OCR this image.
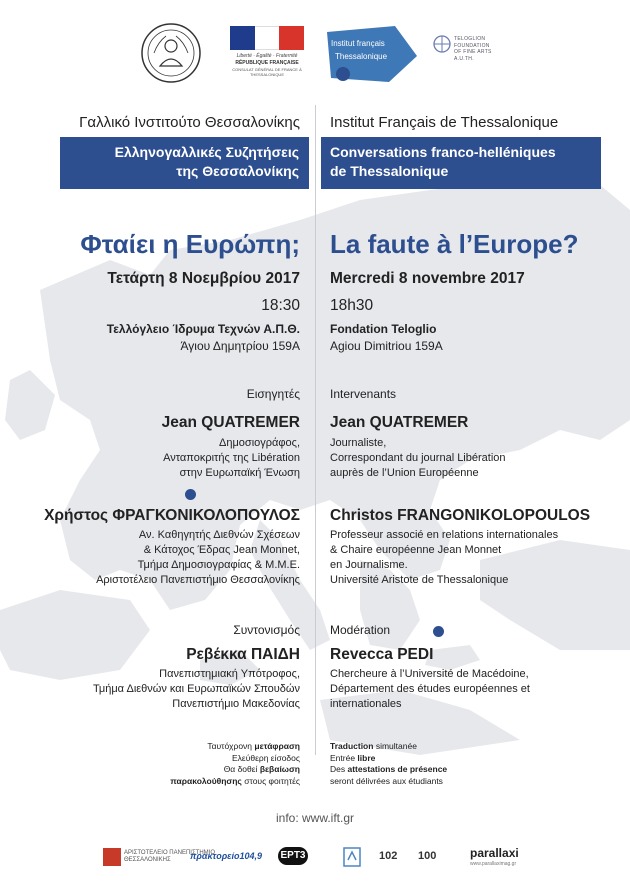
Liberté · Égalité · Fraternité
RÉPUBLIQUE FRANÇAISE
CONSULAT GÉNÉRAL DE FRANCE À THESSALONIQUE
Institut français
Thessalonique
TELOGLION
FOUNDATION
OF FINE ARTS
A.U.TH.
Γαλλικό Ινστιτούτο Θεσσαλονίκης Institut Français de Thessalonique
Ελληνογαλλικές Συζητήσεις
της Θεσσαλονίκης
Conversations franco-helléniques
de Thessalonique
Φταίει η Ευρώπη; La faute à l’Europe?
Τετάρτη 8 Νοεμβρίου 2017 Mercredi 8 novembre 2017
18:30 18h30
Τελλόγλειο Ίδρυμα Τεχνών Α.Π.Θ.	Fondation Teloglio
Άγιου Δημητρίου 159Α	Agiou Dimitriou 159A
Εισηγητές	Intervenants
Jean QUATREMER Jean QUATREMER
Δημοσιογράφος,
Ανταποκριτής της Libération
στην Ευρωπαϊκή Ένωση
Journaliste,
Correspondant du journal Libération
auprès de l’Union Européenne
Χρήστος ΦΡΑΓΚΟΝΙΚΟΛΟΠΟΥΛΟΣ Christos FRANGONIKOLOPOULOS
Αν. Καθηγητής Διεθνών Σχέσεων
& Κάτοχος Έδρας Jean Monnet,
Τμήμα Δημοσιογραφίας & Μ.Μ.Ε.
Αριστοτέλειο Πανεπιστήμιο Θεσσαλονίκης
Professeur associé en relations internationales
& Chaire européenne Jean Monnet
en Journalisme.
Université Aristote de Thessalonique
Συντονισμός	Modération
Ρεβέκκα ΠΑΙΔΗ Revecca PEDI
Πανεπιστημιακή Υπότροφος,
Τμήμα Διεθνών και Ευρωπαϊκών Σπουδών
Πανεπιστήμιο Μακεδονίας
Chercheure à l’Université de Macédoine,
Département des études européennes et
internationales
Ταυτόχρονη μετάφραση
Ελεύθερη είσοδος
Θα δοθεί βεβαίωση
παρακολούθησης στους φοιτητές
Traduction simultanée
Entrée libre
Des attestations de présence
seront délivrées aux étudiants
info: www.ift.gr
ΑΡΙΣΤΟΤΕΛΕΙΟ ΠΑΝΕΠΙΣΤΗΜΙΟ
ΘΕΣΣΑΛΟΝΙΚΗΣ	πρακτορείο104,9 ΕΡΤ3	102 100	parallaxi
www.parallaximag.gr
